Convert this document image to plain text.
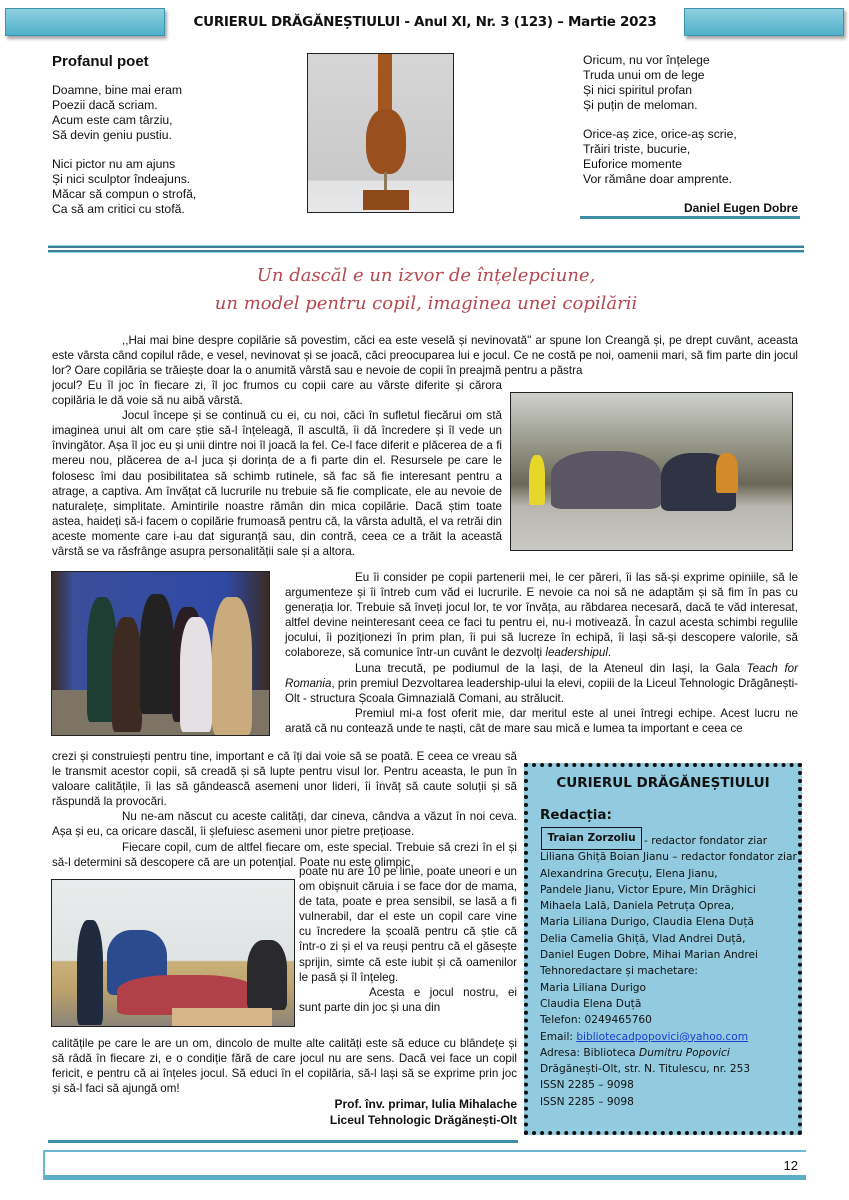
CURIERUL DRĂGĂNEȘTIULUI - Anul XI, Nr. 3 (123) – Martie 2023
Profanul poet
Doamne, bine mai eram
Poezii dacă scriam.
Acum este cam târziu,
Să devin geniu pustiu.
Nici pictor nu am ajuns
Și nici sculptor îndeajuns.
Măcar să compun o strofă,
Ca să am critici cu stofă.
Oricum, nu vor înțelege
Truda unui om de lege
Și nici spiritul profan
Și puțin de meloman.
Orice-aș zice, orice-aș scrie,
Trăiri triste, bucurie,
Euforice momente
Vor rămâne doar amprente.
Daniel Eugen Dobre
Un dascăl e un izvor de înțelepciune,
un model pentru copil, imaginea unei copilării

,,Hai mai bine despre copilărie să povestim, căci ea este veselă și nevinovată'' ar spune Ion Creangă și, pe drept cuvânt, aceasta este vârsta când copilul râde, e vesel, nevinovat și se joacă, căci preocuparea lui e jocul. Ce ne costă pe noi, oamenii mari, să fim parte din jocul lor? Oare copilăria se trăiește doar la o anumită vârstă sau e nevoie de copii în preajmă pentru a păstra

jocul? Eu îl joc în fiecare zi, îl joc frumos cu copii care au vârste diferite și cărora copilăria le dă voie să nu aibă vârstă.

Jocul începe și se continuă cu ei, cu noi, căci în sufletul fiecărui om stă imaginea unui alt om care știe să-l înțeleagă, îl ascultă, îi dă încredere și îl vede un învingător. Așa îl joc eu și unii dintre noi îl joacă la fel. Ce-l face diferit e plăcerea de a fi mereu nou, plăcerea de a-l juca și dorința de a fi parte din el. Resursele pe care le folosesc îmi dau posibilitatea să schimb rutinele, să fac să fie interesant pentru a atrage, a captiva. Am învățat că lucrurile nu trebuie să fie complicate, ele au nevoie de naturalețe, simplitate. Amintirile noastre rămân din mica copilărie. Dacă știm toate astea, haideți să-i facem o copilărie frumoasă pentru că, la vârsta adultă, el va retrăi din aceste momente care i-au dat siguranță sau, din contră, ceea ce a trăit la această vârstă se va răsfrânge asupra personalității sale și a altora.

Eu îi consider pe copii partenerii mei, le cer păreri, îi las să-și exprime opiniile, să le argumenteze și îi întreb cum văd ei lucrurile. E nevoie ca noi să ne adaptăm și să fim în pas cu generația lor. Trebuie să înveți jocul lor, te vor învăța, au răbdarea necesară, dacă te văd interesat, altfel devine neinteresant ceea ce faci tu pentru ei, nu-i motivează. În cazul acesta schimbi regulile jocului, îi poziționezi în prim plan, îi pui să lucreze în echipă, îi lași să-și descopere valorile, să colaboreze, să comunice într-un cuvânt le dezvolți leadershipul.

Luna trecută, pe podiumul de la Iași, de la Ateneul din Iași, la Gala Teach for Romania, prin premiul Dezvoltarea leadership-ului la elevi, copiii de la Liceul Tehnologic Drăgănești-Olt - structura Școala Gimnazială Comani, au strălucit.

Premiul mi-a fost oferit mie, dar meritul este al unei întregi echipe. Acest lucru ne arată că nu contează unde te naști, cât de mare sau mică e lumea ta important e ceea ce

crezi și construiești pentru tine, important e că îți dai voie să se poată. E ceea ce vreau să le transmit acestor copii, să creadă și să lupte pentru visul lor. Pentru aceasta, le pun în valoare calitățile, îi las să gândească asemeni unor lideri, îi învăț să caute soluții și să răspundă la provocări.

Nu ne-am născut cu aceste calități, dar cineva, cândva a văzut în noi ceva. Așa și eu, ca oricare dascăl, îi șlefuiesc asemeni unor pietre prețioase.

Fiecare copil, cum de altfel fiecare om, este special. Trebuie să crezi în el și să-l determini să descopere că are un potențial. Poate nu este olimpic,

poate nu are 10 pe linie, poate uneori e un om obișnuit căruia i se face dor de mama, de tata, poate e prea sensibil, se lasă a fi vulnerabil, dar el este un copil care vine cu încredere la școală pentru că știe că într-o zi și el va reuși pentru că el găsește sprijin, simte că este iubit și că oamenilor le pasă și îl înțeleg.

Acesta e jocul nostru, ei sunt parte din joc și una din

calitățile pe care le are un om, dincolo de multe alte calități este să educe cu blândețe și să râdă în fiecare zi, e o condiție fără de care jocul nu are sens. Dacă vei face un copil fericit, e pentru că ai înțeles jocul. Să educi în el copilăria, să-l lași să se exprime prin joc și să-l faci să ajungă om!

Prof. înv. primar, Iulia Mihalache
Liceul Tehnologic Drăgănești-Olt
CURIERUL DRĂGĂNEȘTIULUI
Redacția:
- redactor fondator ziar
Liliana Ghiță Boian Jianu – redactor fondator ziar
Alexandrina Grecuțu, Elena Jianu,
Pandele Jianu, Victor Epure, Min Drăghici
Mihaela Lală, Daniela Petruța Oprea,
Maria Liliana Durigo, Claudia Elena Duță
Delia Camelia Ghiță, Vlad Andrei Duță,
Daniel Eugen Dobre, Mihai Marian Andrei
Tehnoredactare și machetare:
Maria Liliana Durigo
Claudia Elena Duță
Telefon: 0249465760
Email: bibliotecadpopovici@yahoo.com
Adresa: Biblioteca Dumitru Popovici
Drăgănești-Olt, str. N. Titulescu, nr. 253
ISSN 2285 – 9098
ISSN 2285 – 9098
Traian Zorzoliu
12
